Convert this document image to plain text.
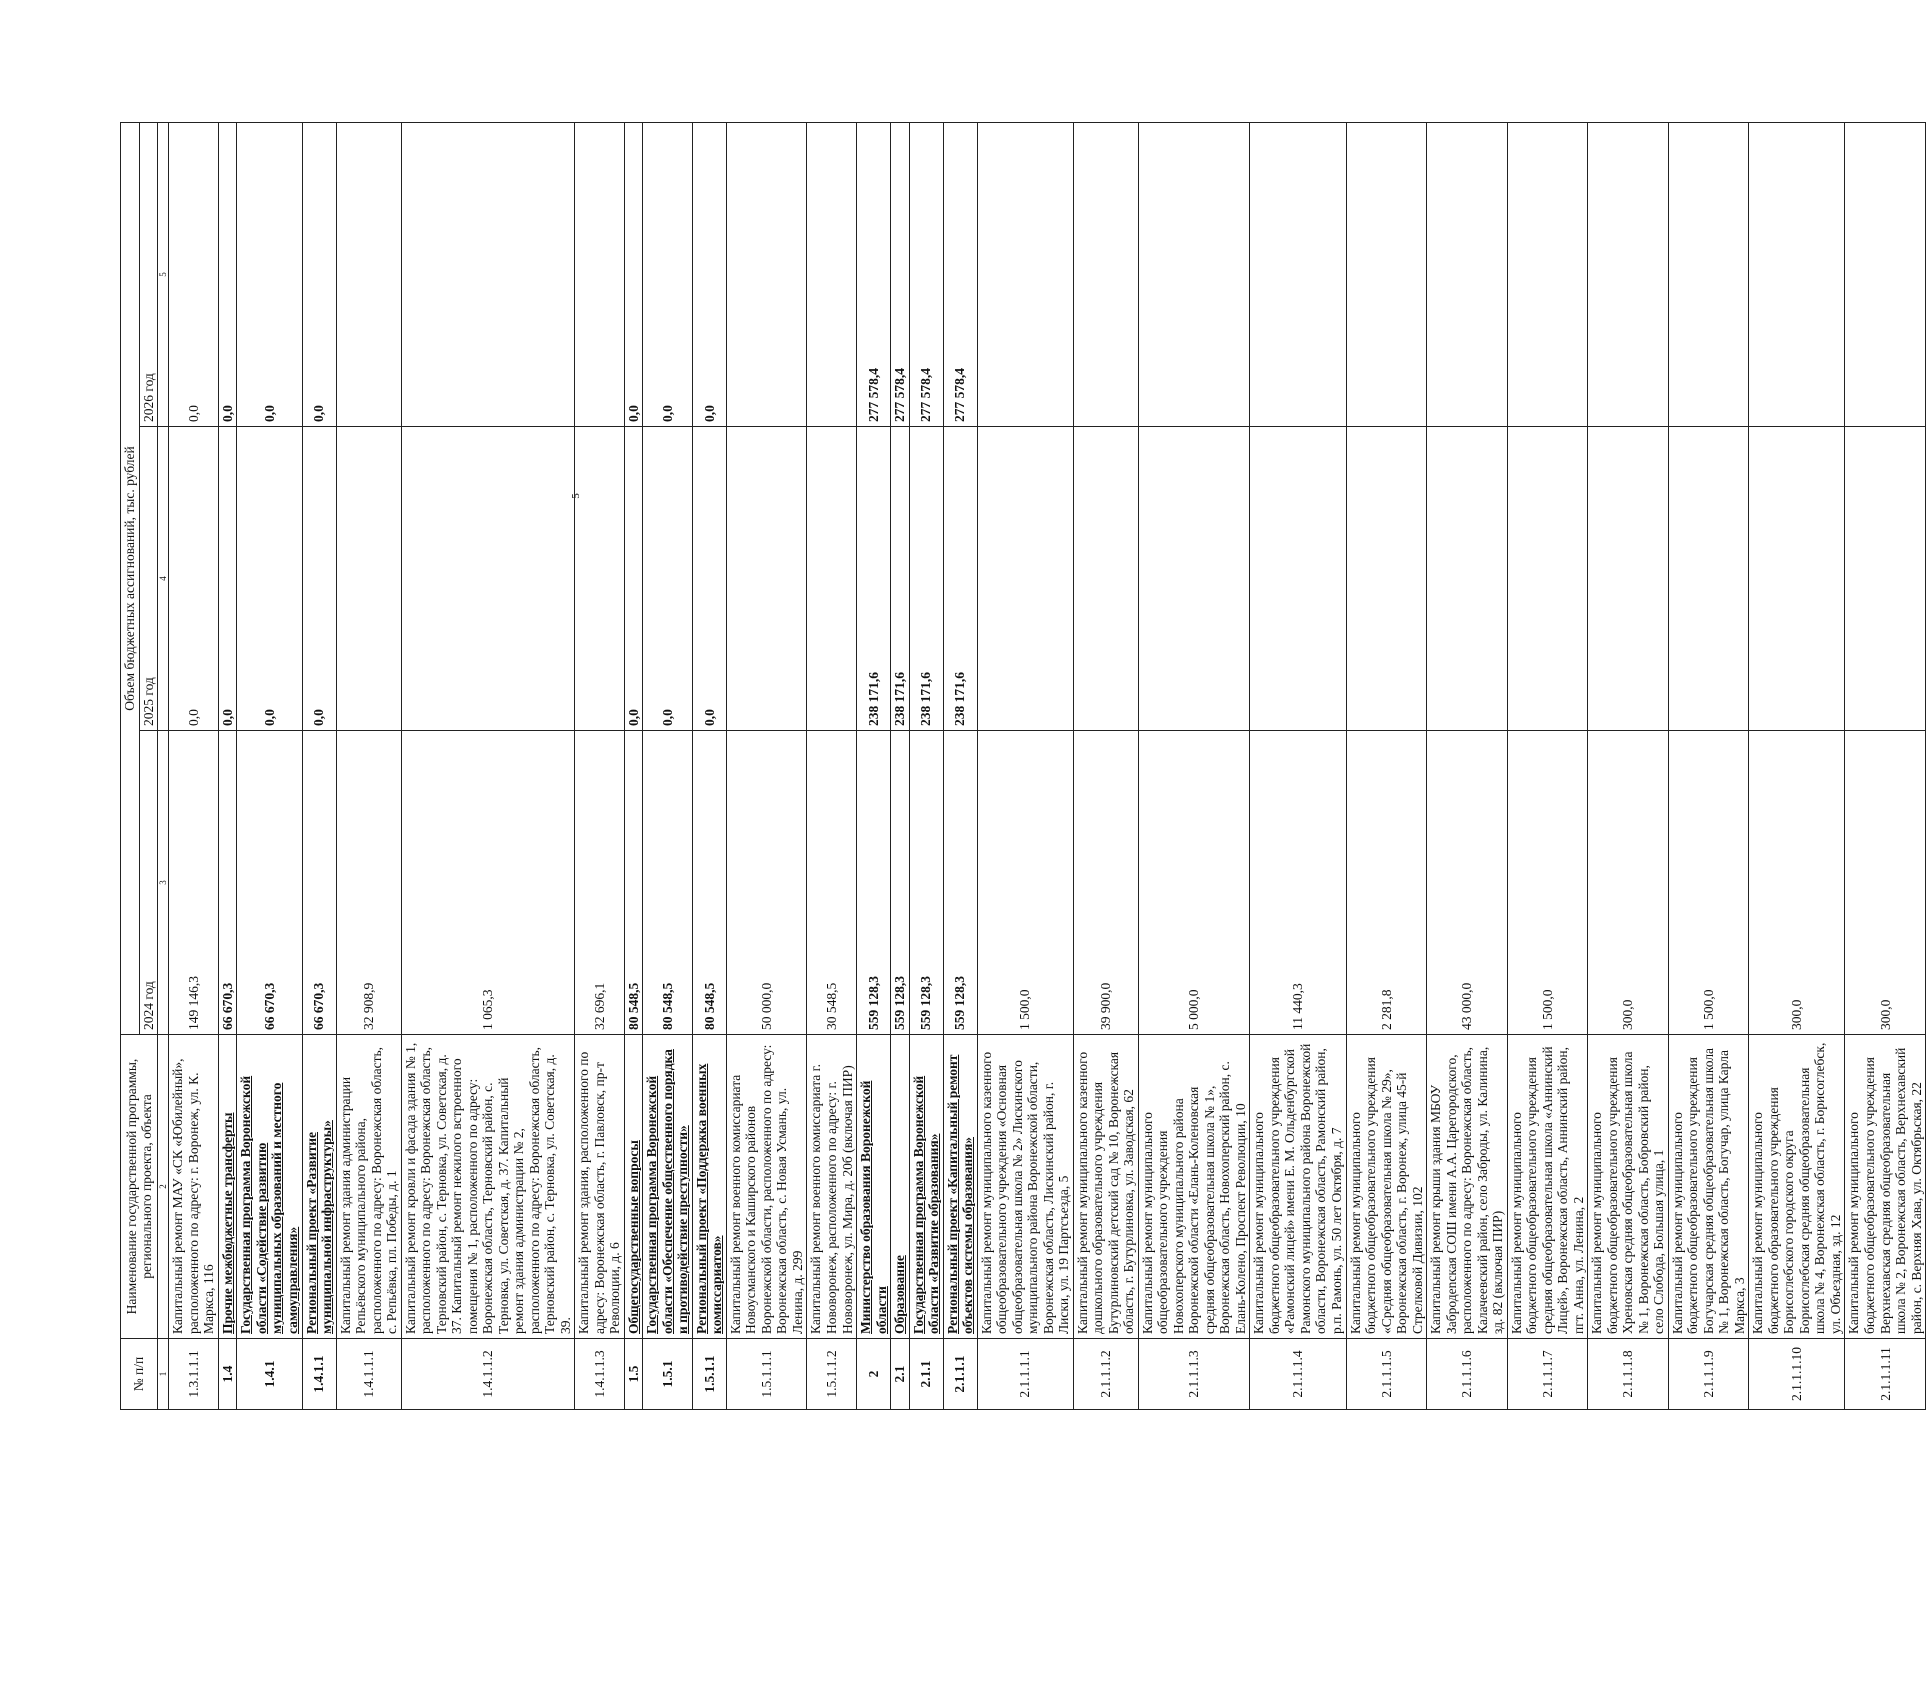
5
№ п/п	Наименование государственной программы, регионального проекта, объекта	Объем бюджетных ассигнований, тыс. рублей		
		2024 год	2025 год	2026 год
1	2	3	4	5
1.3.1.1.1	Капитальный ремонт МАУ «СК «Юбилейный», расположенного по адресу: г. Воронеж, ул. К. Маркса, 116	149 146,3	0,0	0,0
1.4	Прочие межбюджетные трансферты	66 670,3	0,0	0,0
1.4.1	Государственная программа Воронежской области «Содействие развитию муниципальных образований и местного самоуправления»	66 670,3	0,0	0,0
1.4.1.1	Региональный проект «Развитие муниципальной инфраструктуры»	66 670,3	0,0	0,0
1.4.1.1.1	Капитальный ремонт здания администрации Репьёвского муниципального района, расположенного по адресу: Воронежская область, с. Репьёвка, пл. Победы, д. 1	32 908,9		
1.4.1.1.2	Капитальный ремонт кровли и фасада здания № 1, расположенного по адресу: Воронежская область, Терновский район, с. Терновка, ул. Советская, д. 37. Капитальный ремонт нежилого встроенного помещения № 1, расположенного по адресу: Воронежская область, Терновский район, с. Терновка, ул. Советская, д. 37. Капитальный ремонт здания администрации № 2, расположенного по адресу: Воронежская область, Терновский район, с. Терновка, ул. Советская, д. 39.	1 065,3		
1.4.1.1.3	Капитальный ремонт здания, расположенного по адресу: Воронежская область, г. Павловск, пр-т Революции, д. 6	32 696,1		
1.5	Общегосударственные вопросы	80 548,5	0,0	0,0
1.5.1	Государственная программа Воронежской области «Обеспечение общественного порядка и противодействие преступности»	80 548,5	0,0	0,0
1.5.1.1	Региональный проект «Поддержка военных комиссариатов»	80 548,5	0,0	0,0
1.5.1.1.1	Капитальный ремонт военного комиссариата Новоусманского и Каширского районов Воронежской области, расположенного по адресу: Воронежская область, с. Новая Усмань, ул. Ленина, д. 299	50 000,0		
1.5.1.1.2	Капитальный ремонт военного комиссариата г. Нововоронеж, расположенного по адресу: г. Нововоронеж, ул. Мира, д. 20б (включая ПИР)	30 548,5		
2	Министерство образования Воронежской области	559 128,3	238 171,6	277 578,4
2.1	Образование	559 128,3	238 171,6	277 578,4
2.1.1	Государственная программа Воронежской области «Развитие образования»	559 128,3	238 171,6	277 578,4
2.1.1.1	Региональный проект «Капитальный ремонт объектов системы образования»	559 128,3	238 171,6	277 578,4
2.1.1.1.1	Капитальный ремонт муниципального казенного общеобразовательного учреждения «Основная общеобразовательная школа № 2» Лискинского муниципального района Воронежской области, Воронежская область, Лискинский район, г. Лиски, ул. 19 Партсъезда, 5	1 500,0		
2.1.1.1.2	Капитальный ремонт муниципального казенного дошкольного образовательного учреждения Бутурлиновский детский сад № 10, Воронежская область, г. Бутурлиновка, ул. Заводская, 62	39 900,0		
2.1.1.1.3	Капитальный ремонт муниципального общеобразовательного учреждения Новохоперского муниципального района Воронежской области «Елань-Коленовская средняя общеобразовательная школа № 1», Воронежская область, Новохоперский район, с. Елань-Колено, Проспект Революции, 10	5 000,0		
2.1.1.1.4	Капитальный ремонт муниципального бюджетного общеобразовательного учреждения «Рамонский лицей» имени Е. М. Ольденбургской Рамонского муниципального района Воронежской области, Воронежская область, Рамонский район, р.п. Рамонь, ул. 50 лет Октября, д. 7	11 440,3		
2.1.1.1.5	Капитальный ремонт муниципального бюджетного общеобразовательного учреждения «Средняя общеобразовательная школа № 29», Воронежская область, г. Воронеж, улица 45-й Стрелковой Дивизии, 102	2 281,8		
2.1.1.1.6	Капитальный ремонт крыши здания МБОУ Забродenская СОШ имени А.А. Царегородского, расположенного по адресу: Воронежская область, Калачеевский район, село Заброды, ул. Калинина, зд. 82 (включая ПИР)	43 000,0		
2.1.1.1.7	Капитальный ремонт муниципального бюджетного общеобразовательного учреждения средняя общеобразовательная школа «Аннинский Лицей», Воронежская область, Аннинский район, пгт. Анна, ул. Ленина, 2	1 500,0		
2.1.1.1.8	Капитальный ремонт муниципального бюджетного общеобразовательного учреждения Хреновская средняя общеобразовательная школа № 1, Воронежская область, Бобровский район, село Слобода, Большая улица, 1	300,0		
2.1.1.1.9	Капитальный ремонт муниципального бюджетного общеобразовательного учреждения Богучарская средняя общеобразовательная школа № 1, Воронежская область, Богучар, улица Карла Маркса, 3	1 500,0		
2.1.1.1.10	Капитальный ремонт муниципального бюджетного образовательного учреждения Борисоглебского городского округа Борисоглебская средняя общеобразовательная школа № 4, Воронежская область, г. Борисоглебск, ул. Объездная, зд. 12	300,0		
2.1.1.1.11	Капитальный ремонт муниципального бюджетного общеобразовательного учреждения Верхнехавская средняя общеобразовательная школа № 2, Воронежская область, Верхнехавский район, с. Верхняя Хава, ул. Октябрьская, 22	300,0		
